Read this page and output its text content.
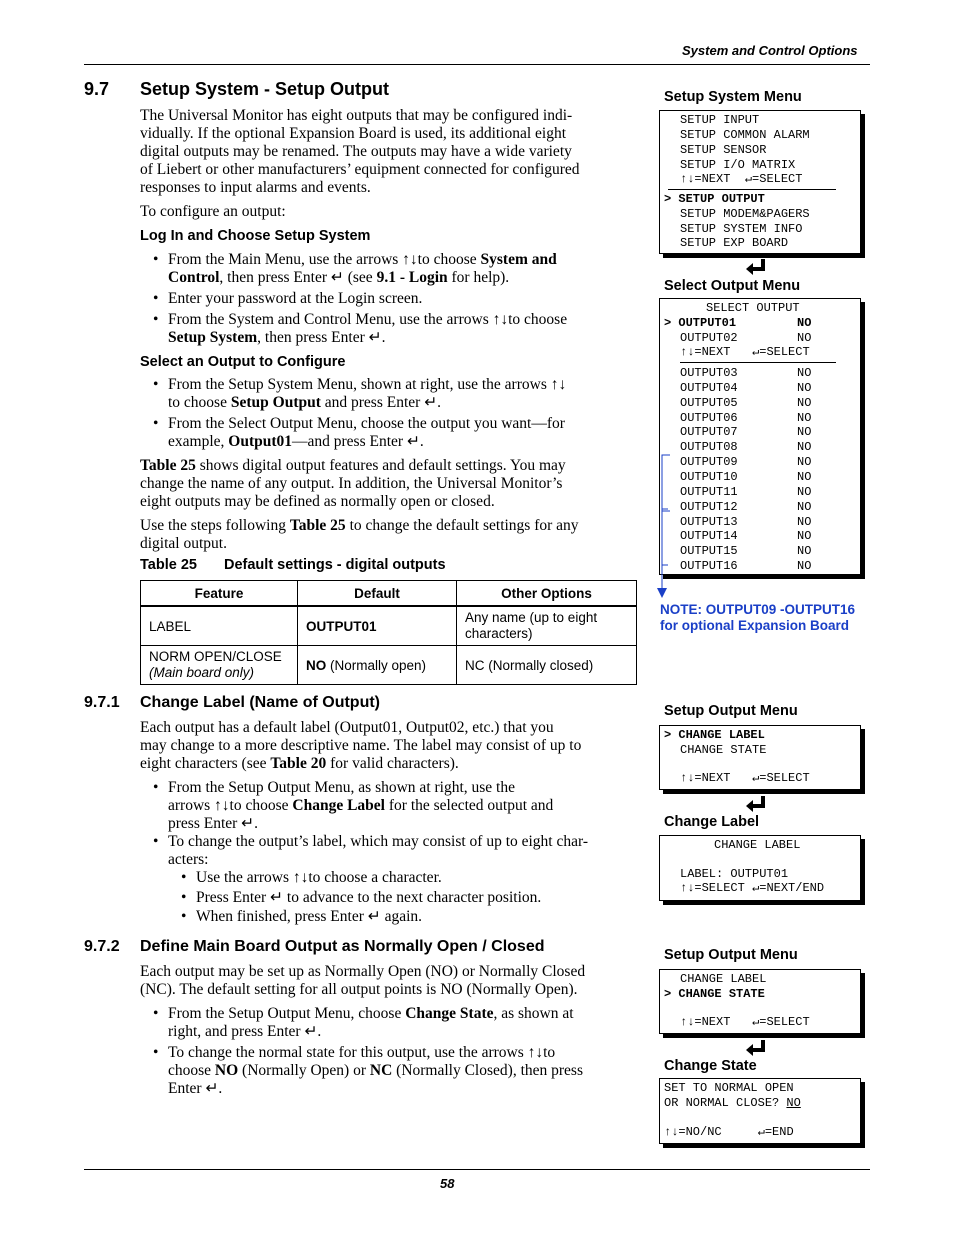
System and Control Options
58
9.7 Setup System - Setup Output
The Universal Monitor has eight outputs that may be configured indi-
vidually. If the optional Expansion Board is used, its additional eight
digital outputs may be renamed. The outputs may have a wide variety
of Liebert or other manufacturers’ equipment connected for configured
responses to input alarms and events.
To configure an output:
Log In and Choose Setup System
• From the Main Menu, use the arrows ↑↓to choose System and
Control, then press Enter ↵ (see 9.1 - Login for help).
• Enter your password at the Login screen.
• From the System and Control Menu, use the arrows ↑↓to choose
Setup System, then press Enter ↵.
Select an Output to Configure
• From the Setup System Menu, shown at right, use the arrows ↑↓
to choose Setup Output and press Enter ↵.
• From the Select Output Menu, choose the output you want—for
example, Output01—and press Enter ↵.
Table 25 shows digital output features and default settings. You may
change the name of any output. In addition, the Universal Monitor’s
eight outputs may be defined as normally open or closed.
Use the steps following Table 25 to change the default settings for any
digital output.
Table 25 Default settings - digital outputs
Feature	Default	Other Options
LABEL	OUTPUT01	Any name (up to eight characters)

NORM OPEN/CLOSE
(Main board only)	NO (Normally open)	NC (Normally closed)
9.7.1 Change Label (Name of Output)
Each output has a default label (Output01, Output02, etc.) that you
may change to a more descriptive name. The label may consist of up to
eight characters (see Table 20 for valid characters).
• From the Setup Output Menu, as shown at right, use the
arrows ↑↓to choose Change Label for the selected output and
press Enter ↵.
• To change the output’s label, which may consist of up to eight char-
acters:
• Use the arrows ↑↓to choose a character.
• Press Enter ↵ to advance to the next character position.
• When finished, press Enter ↵ again.
9.7.2 Define Main Board Output as Normally Open / Closed
Each output may be set up as Normally Open (NO) or Normally Closed
(NC). The default setting for all output points is NO (Normally Open).
• From the Setup Output Menu, choose Change State, as shown at
right, and press Enter ↵.
• To change the normal state for this output, use the arrows ↑↓to
choose NO (Normally Open) or NC (Normally Closed), then press
Enter ↵.
Setup System Menu

SETUP INPUT

SETUP COMMON ALARM

SETUP SENSOR

SETUP I/O MATRIX

↑↓=NEXT  ↵=SELECT

> SETUP OUTPUT

SETUP MODEM&PAGERS

SETUP SYSTEM INFO

SETUP EXP BOARD

Select Output Menu

SELECT OUTPUT

> OUTPUT01

	NO

OUTPUT02

	NO

↑↓=NEXT   ↵=SELECT

OUTPUT03	NO
OUTPUT04	NO
OUTPUT05	NO
OUTPUT06	NO
OUTPUT07	NO
OUTPUT08	NO
OUTPUT09	NO
OUTPUT10	NO
OUTPUT11	NO
OUTPUT12	NO
OUTPUT13	NO
OUTPUT14	NO
OUTPUT15	NO
OUTPUT16	NO

NOTE: OUTPUT09 -OUTPUT16
for optional Expansion Board
Setup Output Menu

> CHANGE LABEL

CHANGE STATE

↑↓=NEXT   ↵=SELECT

Change Label

CHANGE LABEL

LABEL: OUTPUT01

↑↓=SELECT ↵=NEXT/END

Setup Output Menu

CHANGE LABEL

> CHANGE STATE

↑↓=NEXT   ↵=SELECT

Change State

SET TO NORMAL OPEN

OR NORMAL CLOSE? NO

↑↓=NO/NC     ↵=END
